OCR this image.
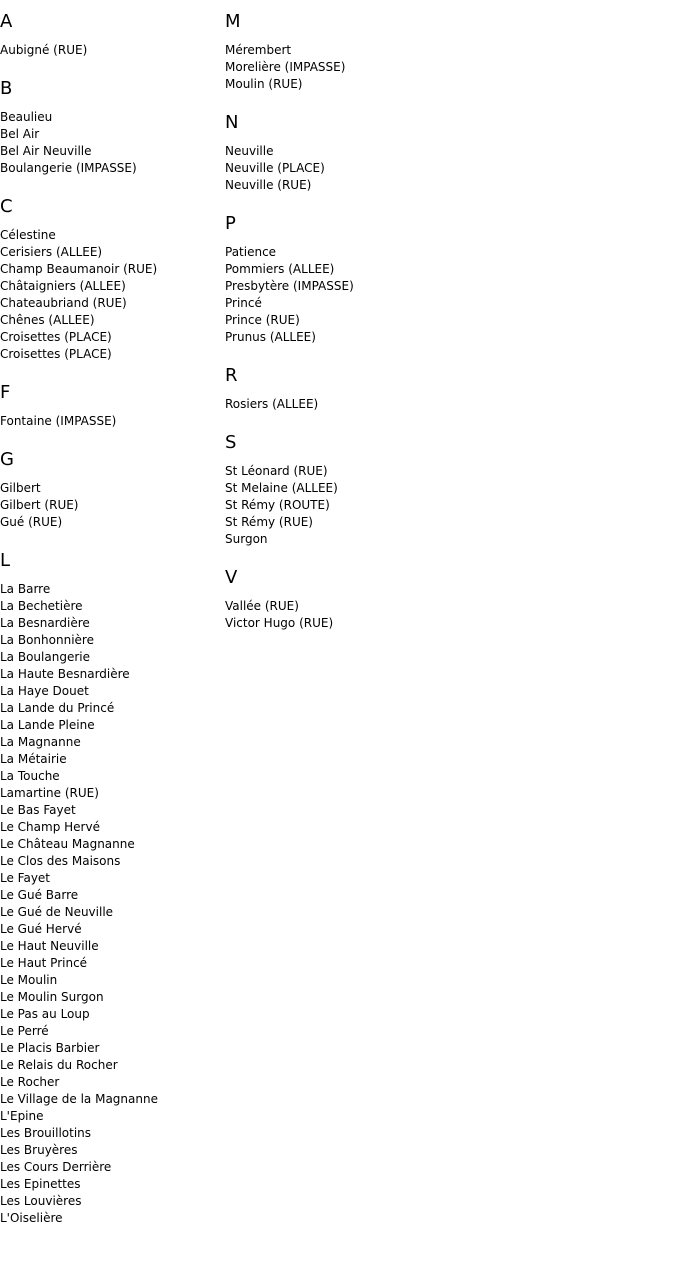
A
Aubigné (RUE)
B
Beaulieu
Bel Air
Bel Air Neuville
Boulangerie (IMPASSE)
C
Célestine
Cerisiers (ALLEE)
Champ Beaumanoir (RUE)
Châtaigniers (ALLEE)
Chateaubriand (RUE)
Chênes (ALLEE)
Croisettes (PLACE)
Croisettes (PLACE)
F
Fontaine (IMPASSE)
G
Gilbert
Gilbert (RUE)
Gué (RUE)
L
La Barre
La Bechetière
La Besnardière
La Bonhonnière
La Boulangerie
La Haute Besnardière
La Haye Douet
La Lande du Princé
La Lande Pleine
La Magnanne
La Métairie
La Touche
Lamartine (RUE)
Le Bas Fayet
Le Champ Hervé
Le Château Magnanne
Le Clos des Maisons
Le Fayet
Le Gué Barre
Le Gué de Neuville
Le Gué Hervé
Le Haut Neuville
Le Haut Princé
Le Moulin
Le Moulin Surgon
Le Pas au Loup
Le Perré
Le Placis Barbier
Le Relais du Rocher
Le Rocher
Le Village de la Magnanne
L'Epine
Les Brouillotins
Les Bruyères
Les Cours Derrière
Les Epinettes
Les Louvières
L'Oiselière
M
Mérembert
Morelière (IMPASSE)
Moulin (RUE)
N
Neuville
Neuville (PLACE)
Neuville (RUE)
P
Patience
Pommiers (ALLEE)
Presbytère (IMPASSE)
Princé
Prince (RUE)
Prunus (ALLEE)
R
Rosiers (ALLEE)
S
St Léonard (RUE)
St Melaine (ALLEE)
St Rémy (ROUTE)
St Rémy (RUE)
Surgon
V
Vallée (RUE)
Victor Hugo (RUE)
